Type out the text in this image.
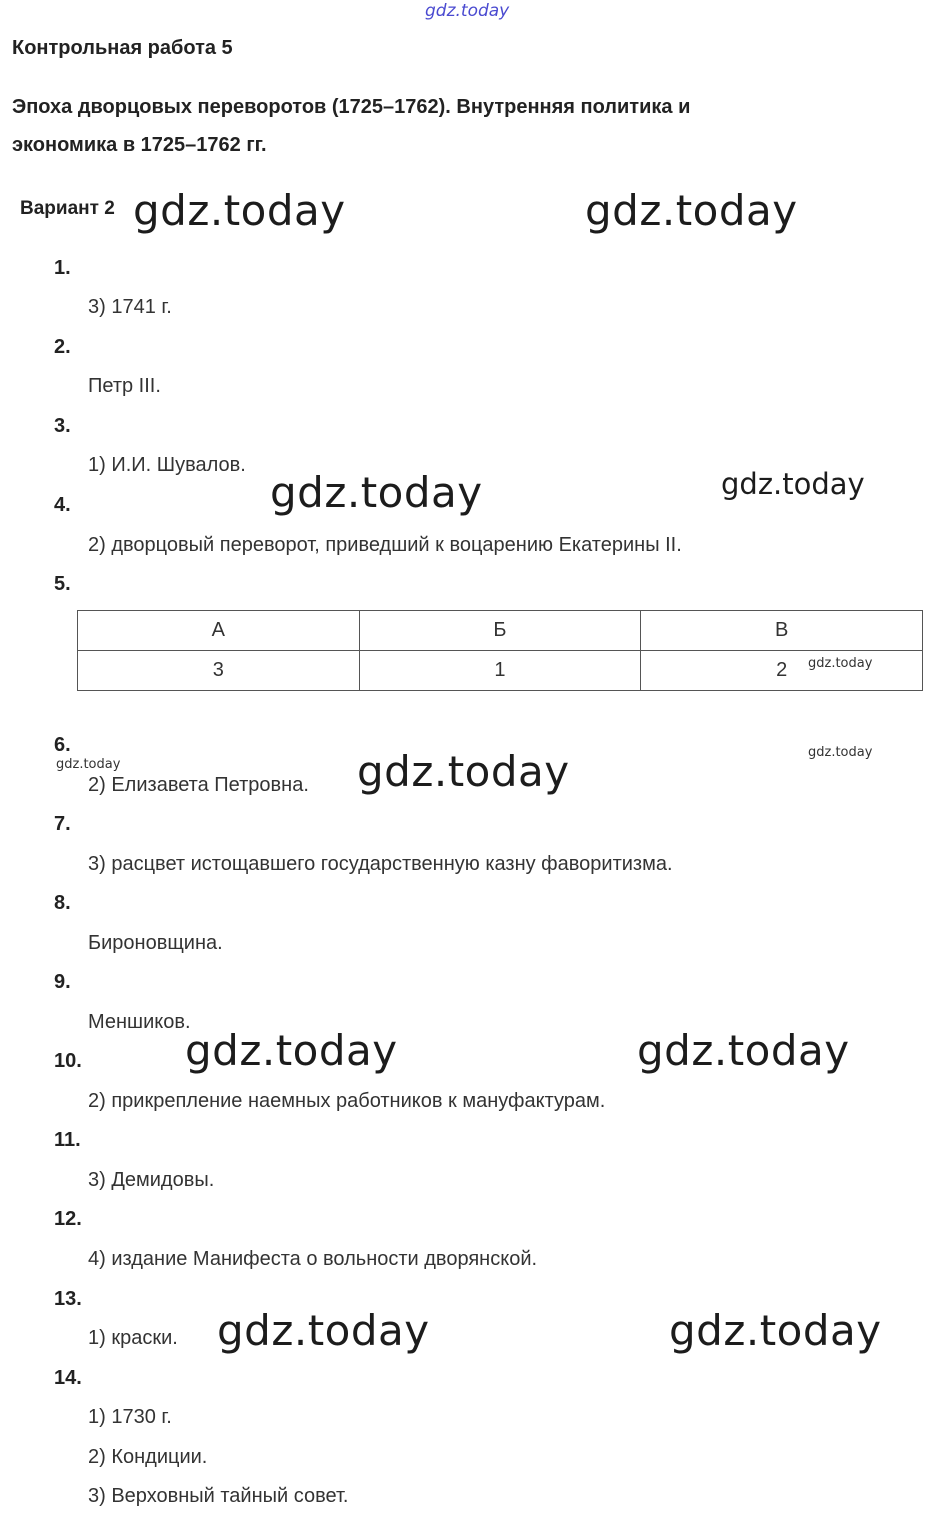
gdz.today
Контрольная работа 5
Эпоха дворцовых переворотов (1725–1762). Внутренняя политика и
экономика в 1725–1762 гг.
Вариант 2
1.
3) 1741 г.
2.
Петр III.
3.
1) И.И. Шувалов.
4.
2) дворцовый переворот, приведший к воцарению Екатерины II.
5.
А	Б	В
3	1	2
6.
2) Елизавета Петровна.
7.
3) расцвет истощавшего государственную казну фаворитизма.
8.
Бироновщина.
9.
Меншиков.
10.
2) прикрепление наемных работников к мануфактурам.
11.
3) Демидовы.
12.
4) издание Манифеста о вольности дворянской.
13.
1) краски.
14.
1) 1730 г.
2) Кондиции.
3) Верховный тайный совет.
gdz.today	gdz.today
gdz.today	gdz.today
gdz.today
gdz.today
gdz.today
gdz.today
gdz.today	gdz.today
gdz.today	gdz.today
